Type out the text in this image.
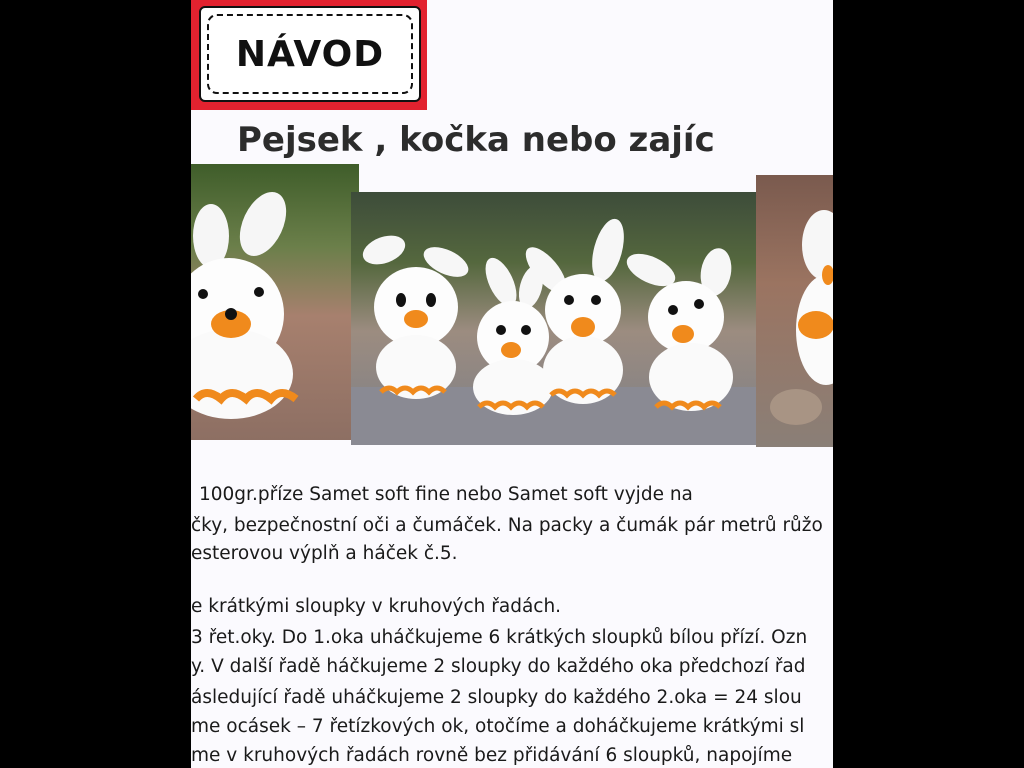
NÁVOD
Pejsek , kočka nebo zajíc
100gr.příze Samet soft fine nebo Samet soft vyjde na
čky, bezpečnostní oči a čumáček. Na packy a čumák pár metrů růžo
esterovou výplň a háček č.5.
e krátkými sloupky v kruhových řadách.
3 řet.oky. Do 1.oka uháčkujeme 6 krátkých sloupků bílou přízí. Ozn
y. V další řadě háčkujeme 2 sloupky do každého oka předchozí řad
ásledující řadě uháčkujeme 2 sloupky do každého 2.oka = 24 slou
me ocásek – 7 řetízkových ok, otočíme a doháčkujeme krátkými sl
me v kruhových řadách rovně bez přidávání 6 sloupků, napojíme
